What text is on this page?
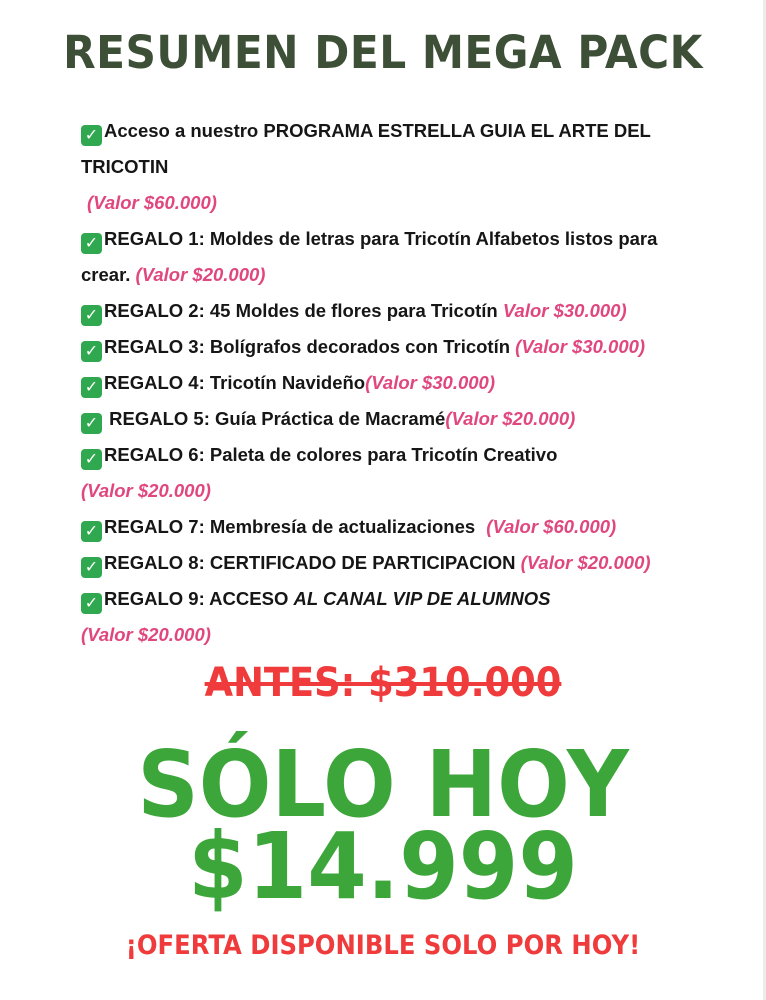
RESUMEN DEL MEGA PACK
✓ Acceso a nuestro PROGRAMA ESTRELLA GUIA EL ARTE DEL TRICOTIN
(Valor $60.000)
✓ REGALO 1: Moldes de letras para Tricotín Alfabetos listos para crear. (Valor $20.000)
✓ REGALO 2: 45 Moldes de flores para Tricotín Valor $30.000)
✓ REGALO 3: Bolígrafos decorados con Tricotín (Valor $30.000)
✓ REGALO 4: Tricotín Navideño(Valor $30.000)
✓ REGALO 5: Guía Práctica de Macramé(Valor $20.000)
✓ REGALO 6: Paleta de colores para Tricotín Creativo
(Valor $20.000)
✓ REGALO 7: Membresía de actualizaciones (Valor $60.000)
✓ REGALO 8: CERTIFICADO DE PARTICIPACION (Valor $20.000)
✓ REGALO 9: ACCESO AL CANAL VIP DE ALUMNOS
(Valor $20.000)
ANTES: $310.000
SÓLO HOY
$14.999
¡OFERTA DISPONIBLE SOLO POR HOY!
